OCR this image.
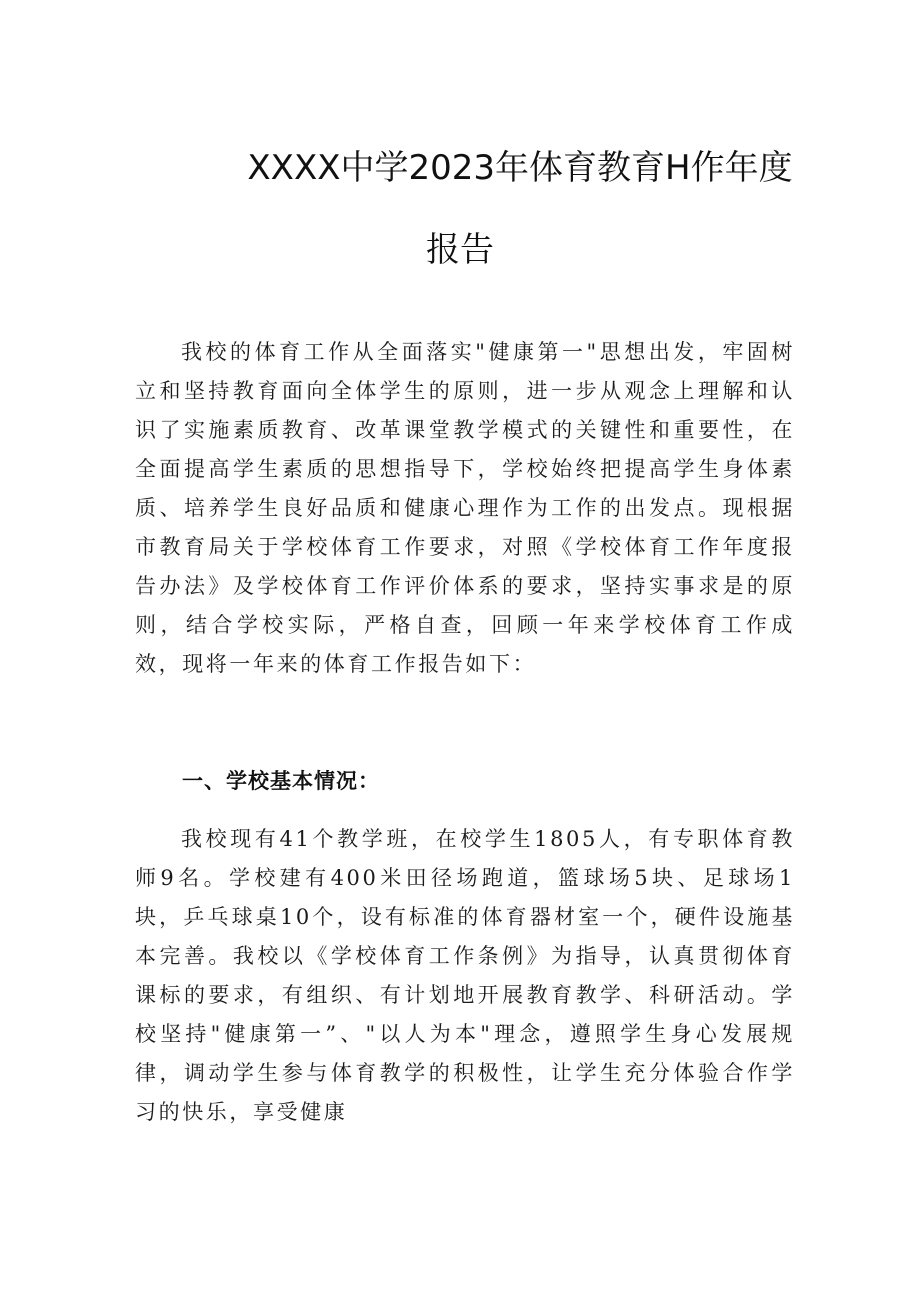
XXXX中学2023年体育教育H作年度
报告

我校的体育工作从全面落实"健康第一"思想出发，牢固树立和坚持教育面向全体学生的原则，进一步从观念上理解和认识了实施素质教育、改革课堂教学模式的关键性和重要性，在全面提高学生素质的思想指导下，学校始终把提高学生身体素质、培养学生良好品质和健康心理作为工作的出发点。现根据市教育局关于学校体育工作要求，对照《学校体育工作年度报告办法》及学校体育工作评价体系的要求，坚持实事求是的原则，结合学校实际，严格自查，回顾一年来学校体育工作成效，现将一年来的体育工作报告如下：

一、学校基本情况：

我校现有41个教学班，在校学生1805人，有专职体育教师9名。学校建有400米田径场跑道，篮球场5块、足球场1块，乒乓球桌10个，设有标准的体育器材室一个，硬件设施基本完善。我校以《学校体育工作条例》为指导，认真贯彻体育课标的要求，有组织、有计划地开展教育教学、科研活动。学校坚持"健康第一”、"以人为本"理念，遵照学生身心发展规律，调动学生参与体育教学的积极性，让学生充分体验合作学习的快乐，享受健康
